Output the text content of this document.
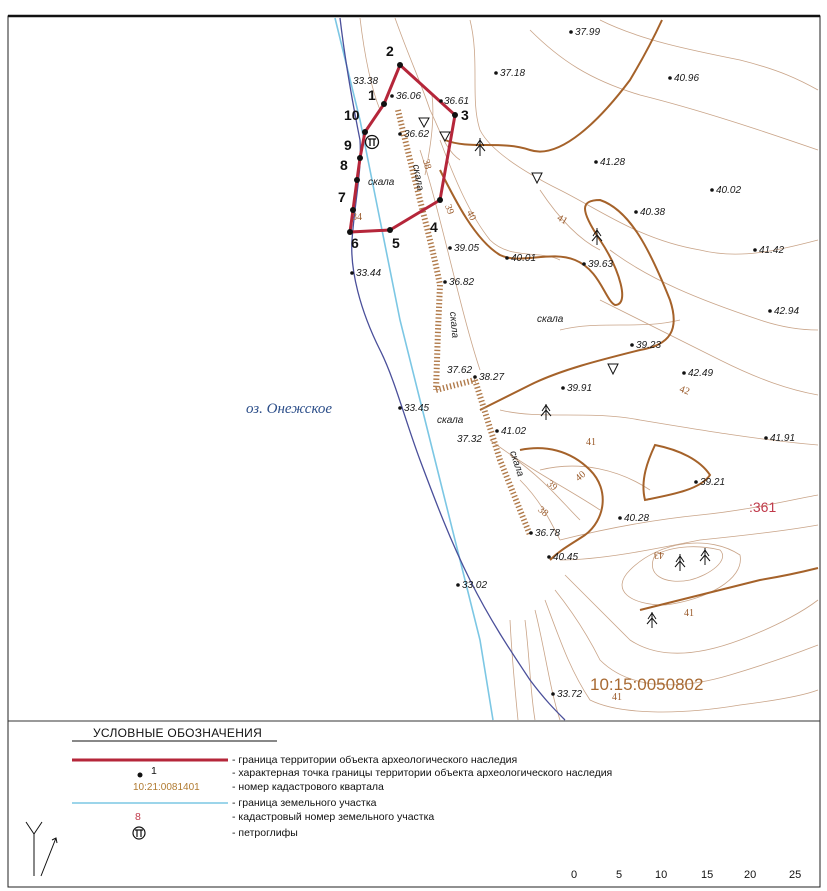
1
2
3
4
5
6
7
8
9
10
37.99
37.18	40.96
33.38
36.06 36.61
36.62
41.28
40.02
40.38
41.42
39.05
40.01
39.63
36.82
42.94
39.23
42.49
37.62
38.27
39.91
33.45
41.02
37.32	41.91
39.21
40.28
36.78
40.45
33.02
33.72
33.44
скала
скала
скала
скала
скала
скала
34
38
39 40	41
42
41
40
39
38
41
43
41
оз. Онежское
10:15:0050802
:361
УСЛОВНЫЕ ОБОЗНАЧЕНИЯ
- граница территории объекта археологического наследия
1	- характерная точка границы территории объекта археологического наследия
10:21:0081401	- номер кадастрового квартала
- граница земельного участка
8	- кадастровый номер земельного участка
- петроглифы
0	5	10	15	20	25
